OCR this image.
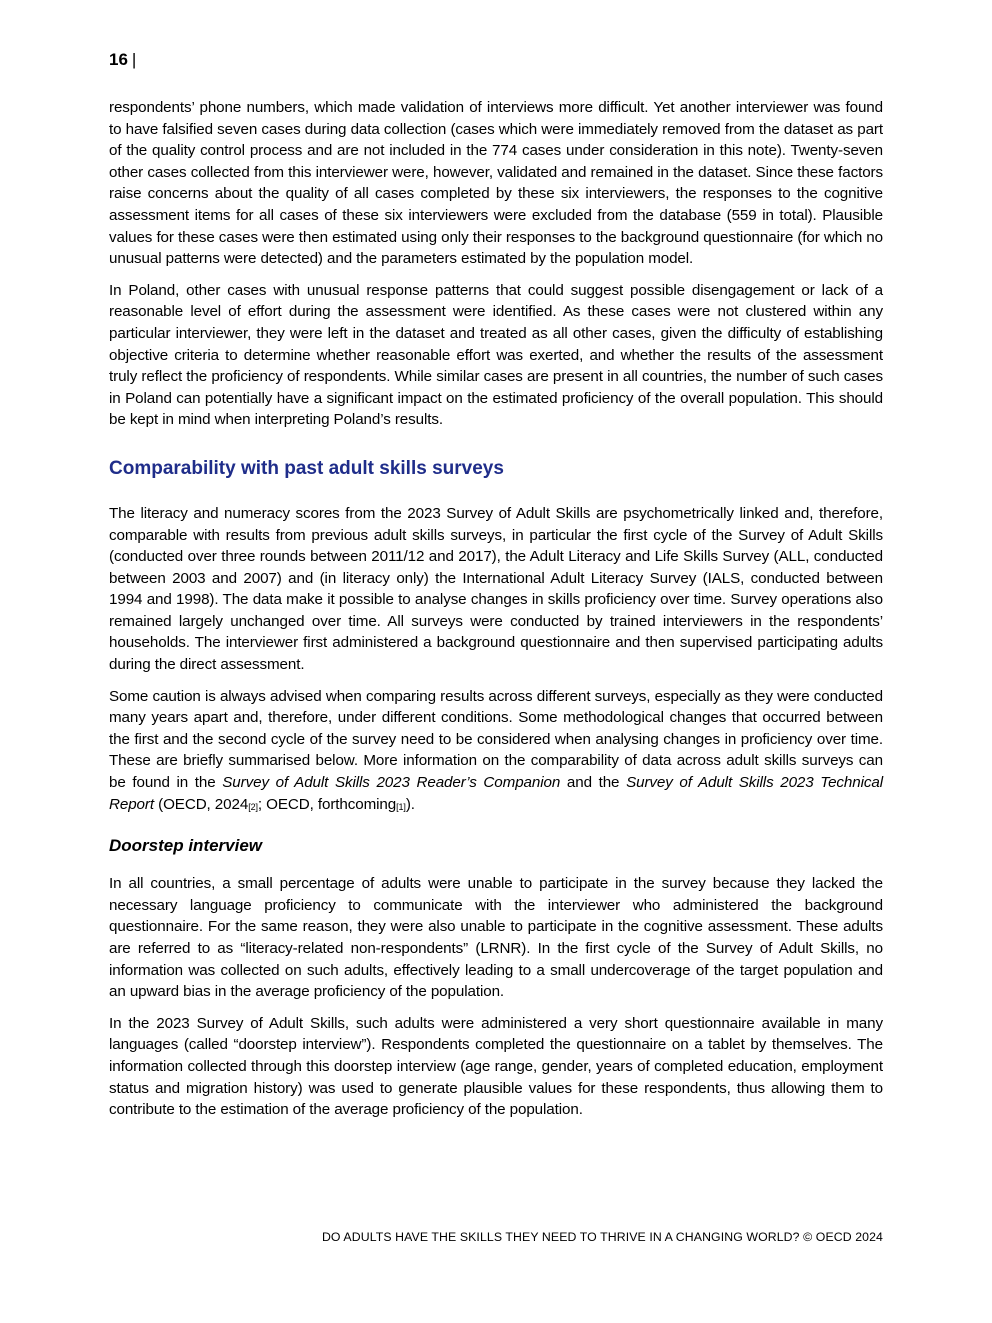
16 |

respondents’ phone numbers, which made validation of interviews more difficult. Yet another interviewer was found to have falsified seven cases during data collection (cases which were immediately removed from the dataset as part of the quality control process and are not included in the 774 cases under consideration in this note). Twenty-seven other cases collected from this interviewer were, however, validated and remained in the dataset. Since these factors raise concerns about the quality of all cases completed by these six interviewers, the responses to the cognitive assessment items for all cases of these six interviewers were excluded from the database (559 in total). Plausible values for these cases were then estimated using only their responses to the background questionnaire (for which no unusual patterns were detected) and the parameters estimated by the population model.

In Poland, other cases with unusual response patterns that could suggest possible disengagement or lack of a reasonable level of effort during the assessment were identified. As these cases were not clustered within any particular interviewer, they were left in the dataset and treated as all other cases, given the difficulty of establishing objective criteria to determine whether reasonable effort was exerted, and whether the results of the assessment truly reflect the proficiency of respondents. While similar cases are present in all countries, the number of such cases in Poland can potentially have a significant impact on the estimated proficiency of the overall population. This should be kept in mind when interpreting Poland’s results.

Comparability with past adult skills surveys

The literacy and numeracy scores from the 2023 Survey of Adult Skills are psychometrically linked and, therefore, comparable with results from previous adult skills surveys, in particular the first cycle of the Survey of Adult Skills (conducted over three rounds between 2011/12 and 2017), the Adult Literacy and Life Skills Survey (ALL, conducted between 2003 and 2007) and (in literacy only) the International Adult Literacy Survey (IALS, conducted between 1994 and 1998). The data make it possible to analyse changes in skills proficiency over time. Survey operations also remained largely unchanged over time. All surveys were conducted by trained interviewers in the respondents’ households. The interviewer first administered a background questionnaire and then supervised participating adults during the direct assessment.

Some caution is always advised when comparing results across different surveys, especially as they were conducted many years apart and, therefore, under different conditions. Some methodological changes that occurred between the first and the second cycle of the survey need to be considered when analysing changes in proficiency over time. These are briefly summarised below. More information on the comparability of data across adult skills surveys can be found in the Survey of Adult Skills 2023 Reader’s Companion and the Survey of Adult Skills 2023 Technical Report (OECD, $2024_{[2]}$; OECD, forthcoming$_{[1]}$).

Doorstep interview

In all countries, a small percentage of adults were unable to participate in the survey because they lacked the necessary language proficiency to communicate with the interviewer who administered the background questionnaire. For the same reason, they were also unable to participate in the cognitive assessment. These adults are referred to as “literacy-related non-respondents” (LRNR). In the first cycle of the Survey of Adult Skills, no information was collected on such adults, effectively leading to a small undercoverage of the target population and an upward bias in the average proficiency of the population.

In the 2023 Survey of Adult Skills, such adults were administered a very short questionnaire available in many languages (called “doorstep interview”). Respondents completed the questionnaire on a tablet by themselves. The information collected through this doorstep interview (age range, gender, years of completed education, employment status and migration history) was used to generate plausible values for these respondents, thus allowing them to contribute to the estimation of the average proficiency of the population.

DO ADULTS HAVE THE SKILLS THEY NEED TO THRIVE IN A CHANGING WORLD? © OECD 2024
